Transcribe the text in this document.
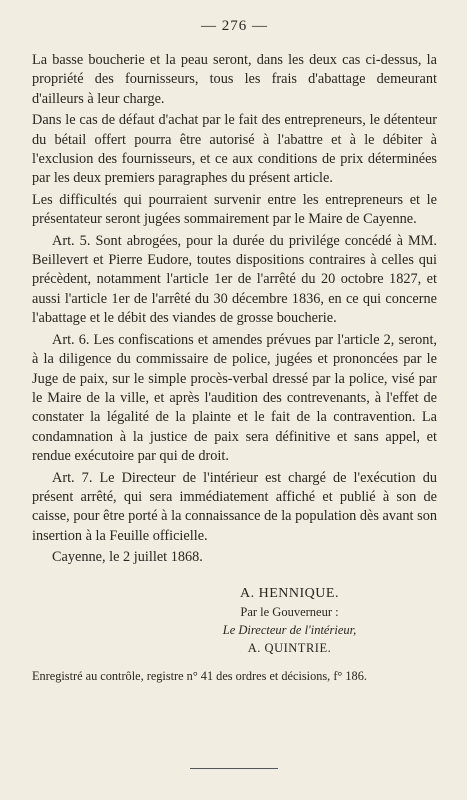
— 276 —

La basse boucherie et la peau seront, dans les deux cas ci-dessus, la propriété des fournisseurs, tous les frais d'abattage demeurant d'ailleurs à leur charge.

Dans le cas de défaut d'achat par le fait des entrepreneurs, le détenteur du bétail offert pourra être autorisé à l'abattre et à le débiter à l'exclusion des fournisseurs, et ce aux conditions de prix déterminées par les deux premiers paragraphes du présent article.

Les difficultés qui pourraient survenir entre les entrepreneurs et le présentateur seront jugées sommairement par le Maire de Cayenne.

Art. 5. Sont abrogées, pour la durée du privilége concédé à MM. Beillevert et Pierre Eudore, toutes dispositions contraires à celles qui précèdent, notamment l'article 1er de l'arrêté du 20 octobre 1827, et aussi l'article 1er de l'arrêté du 30 décembre 1836, en ce qui concerne l'abattage et le débit des viandes de grosse boucherie.

Art. 6. Les confiscations et amendes prévues par l'article 2, seront, à la diligence du commissaire de police, jugées et prononcées par le Juge de paix, sur le simple procès-verbal dressé par la police, visé par le Maire de la ville, et après l'audition des contrevenants, à l'effet de constater la légalité de la plainte et le fait de la contravention. La condamnation à la justice de paix sera définitive et sans appel, et rendue exécutoire par qui de droit.

Art. 7. Le Directeur de l'intérieur est chargé de l'exécution du présent arrêté, qui sera immédiatement affiché et publié à son de caisse, pour être porté à la connaissance de la population dès avant son insertion à la Feuille officielle.

Cayenne, le 2 juillet 1868.

A. HENNIQUE.
Par le Gouverneur :
Le Directeur de l'intérieur,
A. QUINTRIE.
Enregistré au contrôle, registre n° 41 des ordres et décisions, f° 186.
